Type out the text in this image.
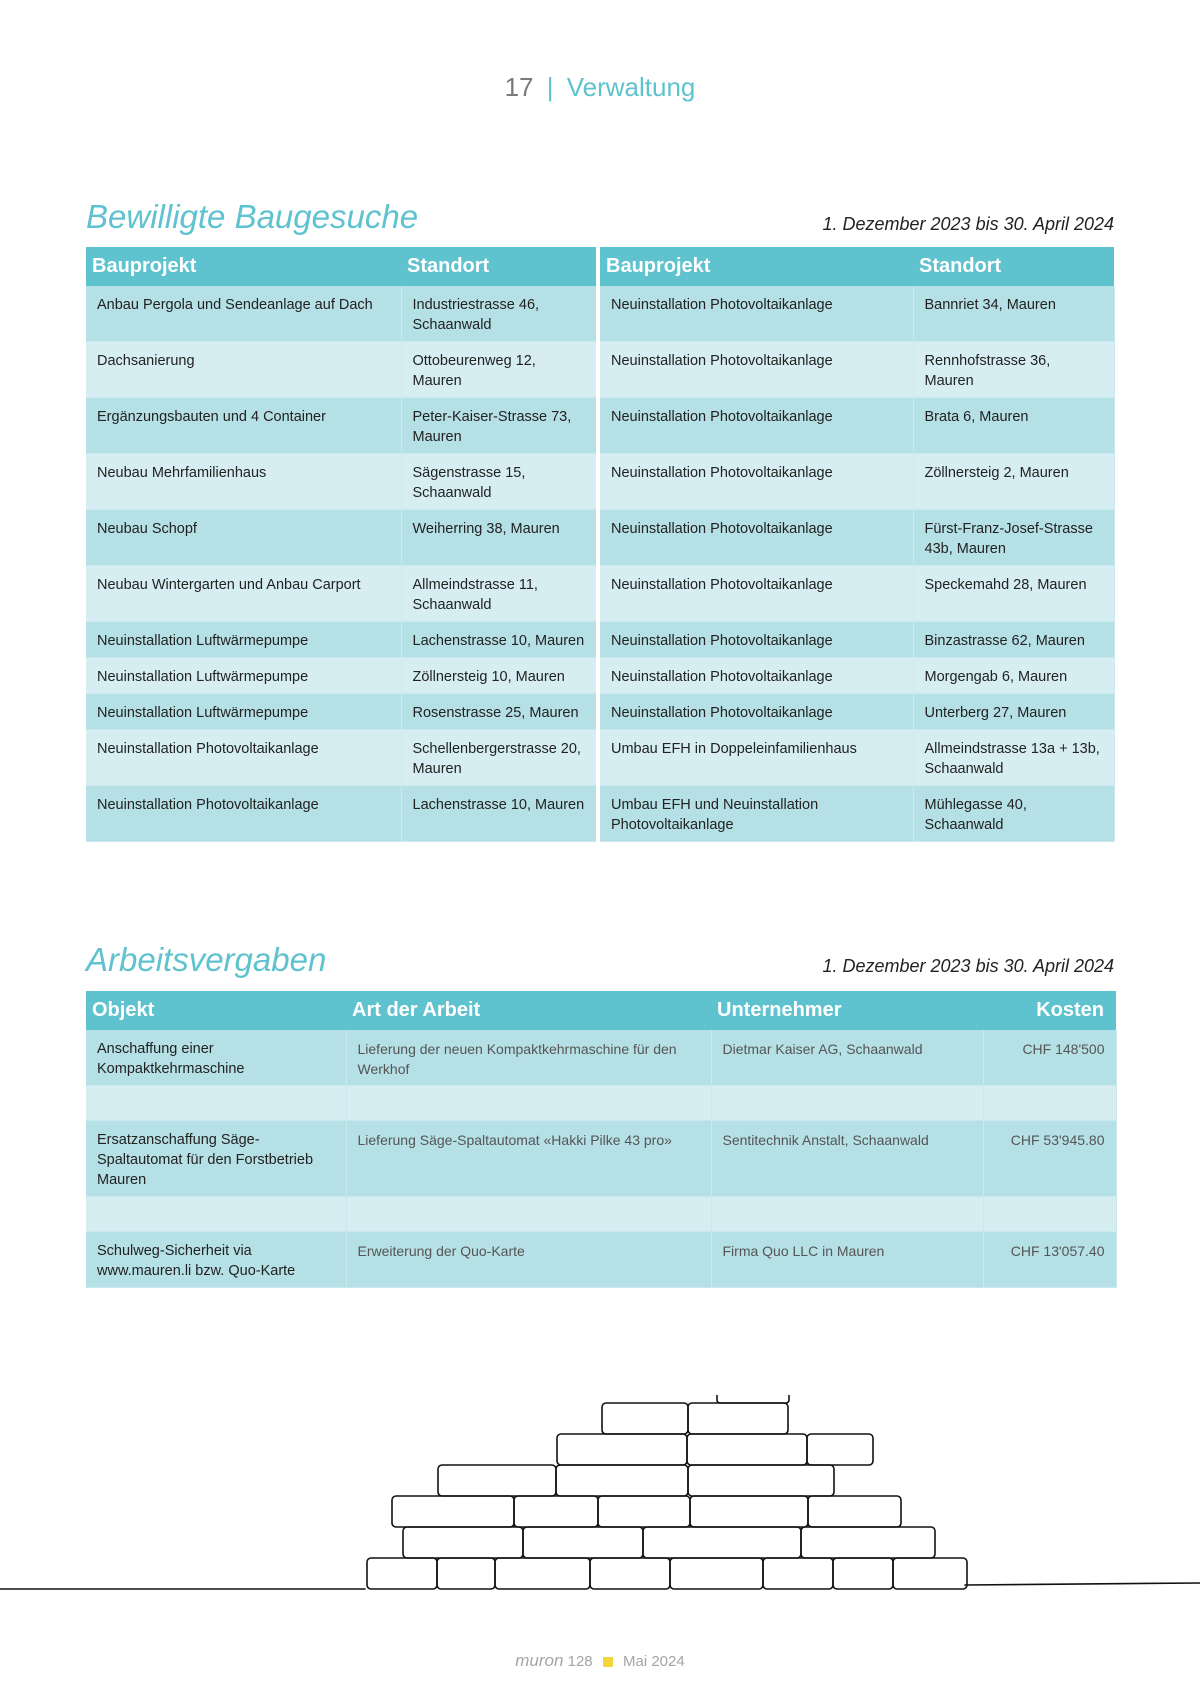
17 | Verwaltung
Bewilligte Baugesuche	1. Dezember 2023 bis 30. April 2024
Bauprojekt	Standort	Bauprojekt	Standort
Anbau Pergola und Sendeanlage auf Dach	Industriestrasse 46, Schaanwald	Neuinstallation Photovoltaikanlage	Bannriet 34, Mauren
Dachsanierung	Ottobeurenweg 12, Mauren	Neuinstallation Photovoltaikanlage	Rennhofstrasse 36, Mauren
Ergänzungsbauten und 4 Container	Peter-Kaiser-Strasse 73, Mauren	Neuinstallation Photovoltaikanlage	Brata 6, Mauren
Neubau Mehrfamilienhaus	Sägenstrasse 15, Schaanwald	Neuinstallation Photovoltaikanlage	Zöllnersteig 2, Mauren
Neubau Schopf	Weiherring 38, Mauren	Neuinstallation Photovoltaikanlage	Fürst-Franz-Josef-Strasse 43b, Mauren
Neubau Wintergarten und Anbau Carport	Allmeindstrasse 11, Schaanwald	Neuinstallation Photovoltaikanlage	Speckemahd 28, Mauren
Neuinstallation Luftwärmepumpe	Lachenstrasse 10, Mauren	Neuinstallation Photovoltaikanlage	Binzastrasse 62, Mauren
Neuinstallation Luftwärmepumpe	Zöllnersteig 10, Mauren	Neuinstallation Photovoltaikanlage	Morgengab 6, Mauren
Neuinstallation Luftwärmepumpe	Rosenstrasse 25, Mauren	Neuinstallation Photovoltaikanlage	Unterberg 27, Mauren
Neuinstallation Photovoltaikanlage	Schellenbergerstrasse 20, Mauren	Umbau EFH in Doppeleinfamilienhaus	Allmeindstrasse 13a + 13b, Schaanwald
Neuinstallation Photovoltaikanlage	Lachenstrasse 10, Mauren	Umbau EFH und Neuinstallation Photovoltaikanlage	Mühlegasse 40, Schaanwald
Arbeitsvergaben	1. Dezember 2023 bis 30. April 2024
Objekt	Art der Arbeit	Unternehmer	Kosten
Anschaffung einer Kompaktkehrmaschine	Lieferung der neuen Kompaktkehrmaschine für den Werkhof	Dietmar Kaiser AG, Schaanwald	CHF 148'500

Ersatzanschaffung Säge-Spaltautomat für den Forstbetrieb Mauren	Lieferung Säge-Spaltautomat «Hakki Pilke 43 pro»	Sentitechnik Anstalt, Schaanwald	CHF 53'945.80

Schulweg-Sicherheit via www.mauren.li bzw. Quo-Karte	Erweiterung der Quo-Karte	Firma Quo LLC in Mauren	CHF 13'057.40
muron 128 Mai 2024
